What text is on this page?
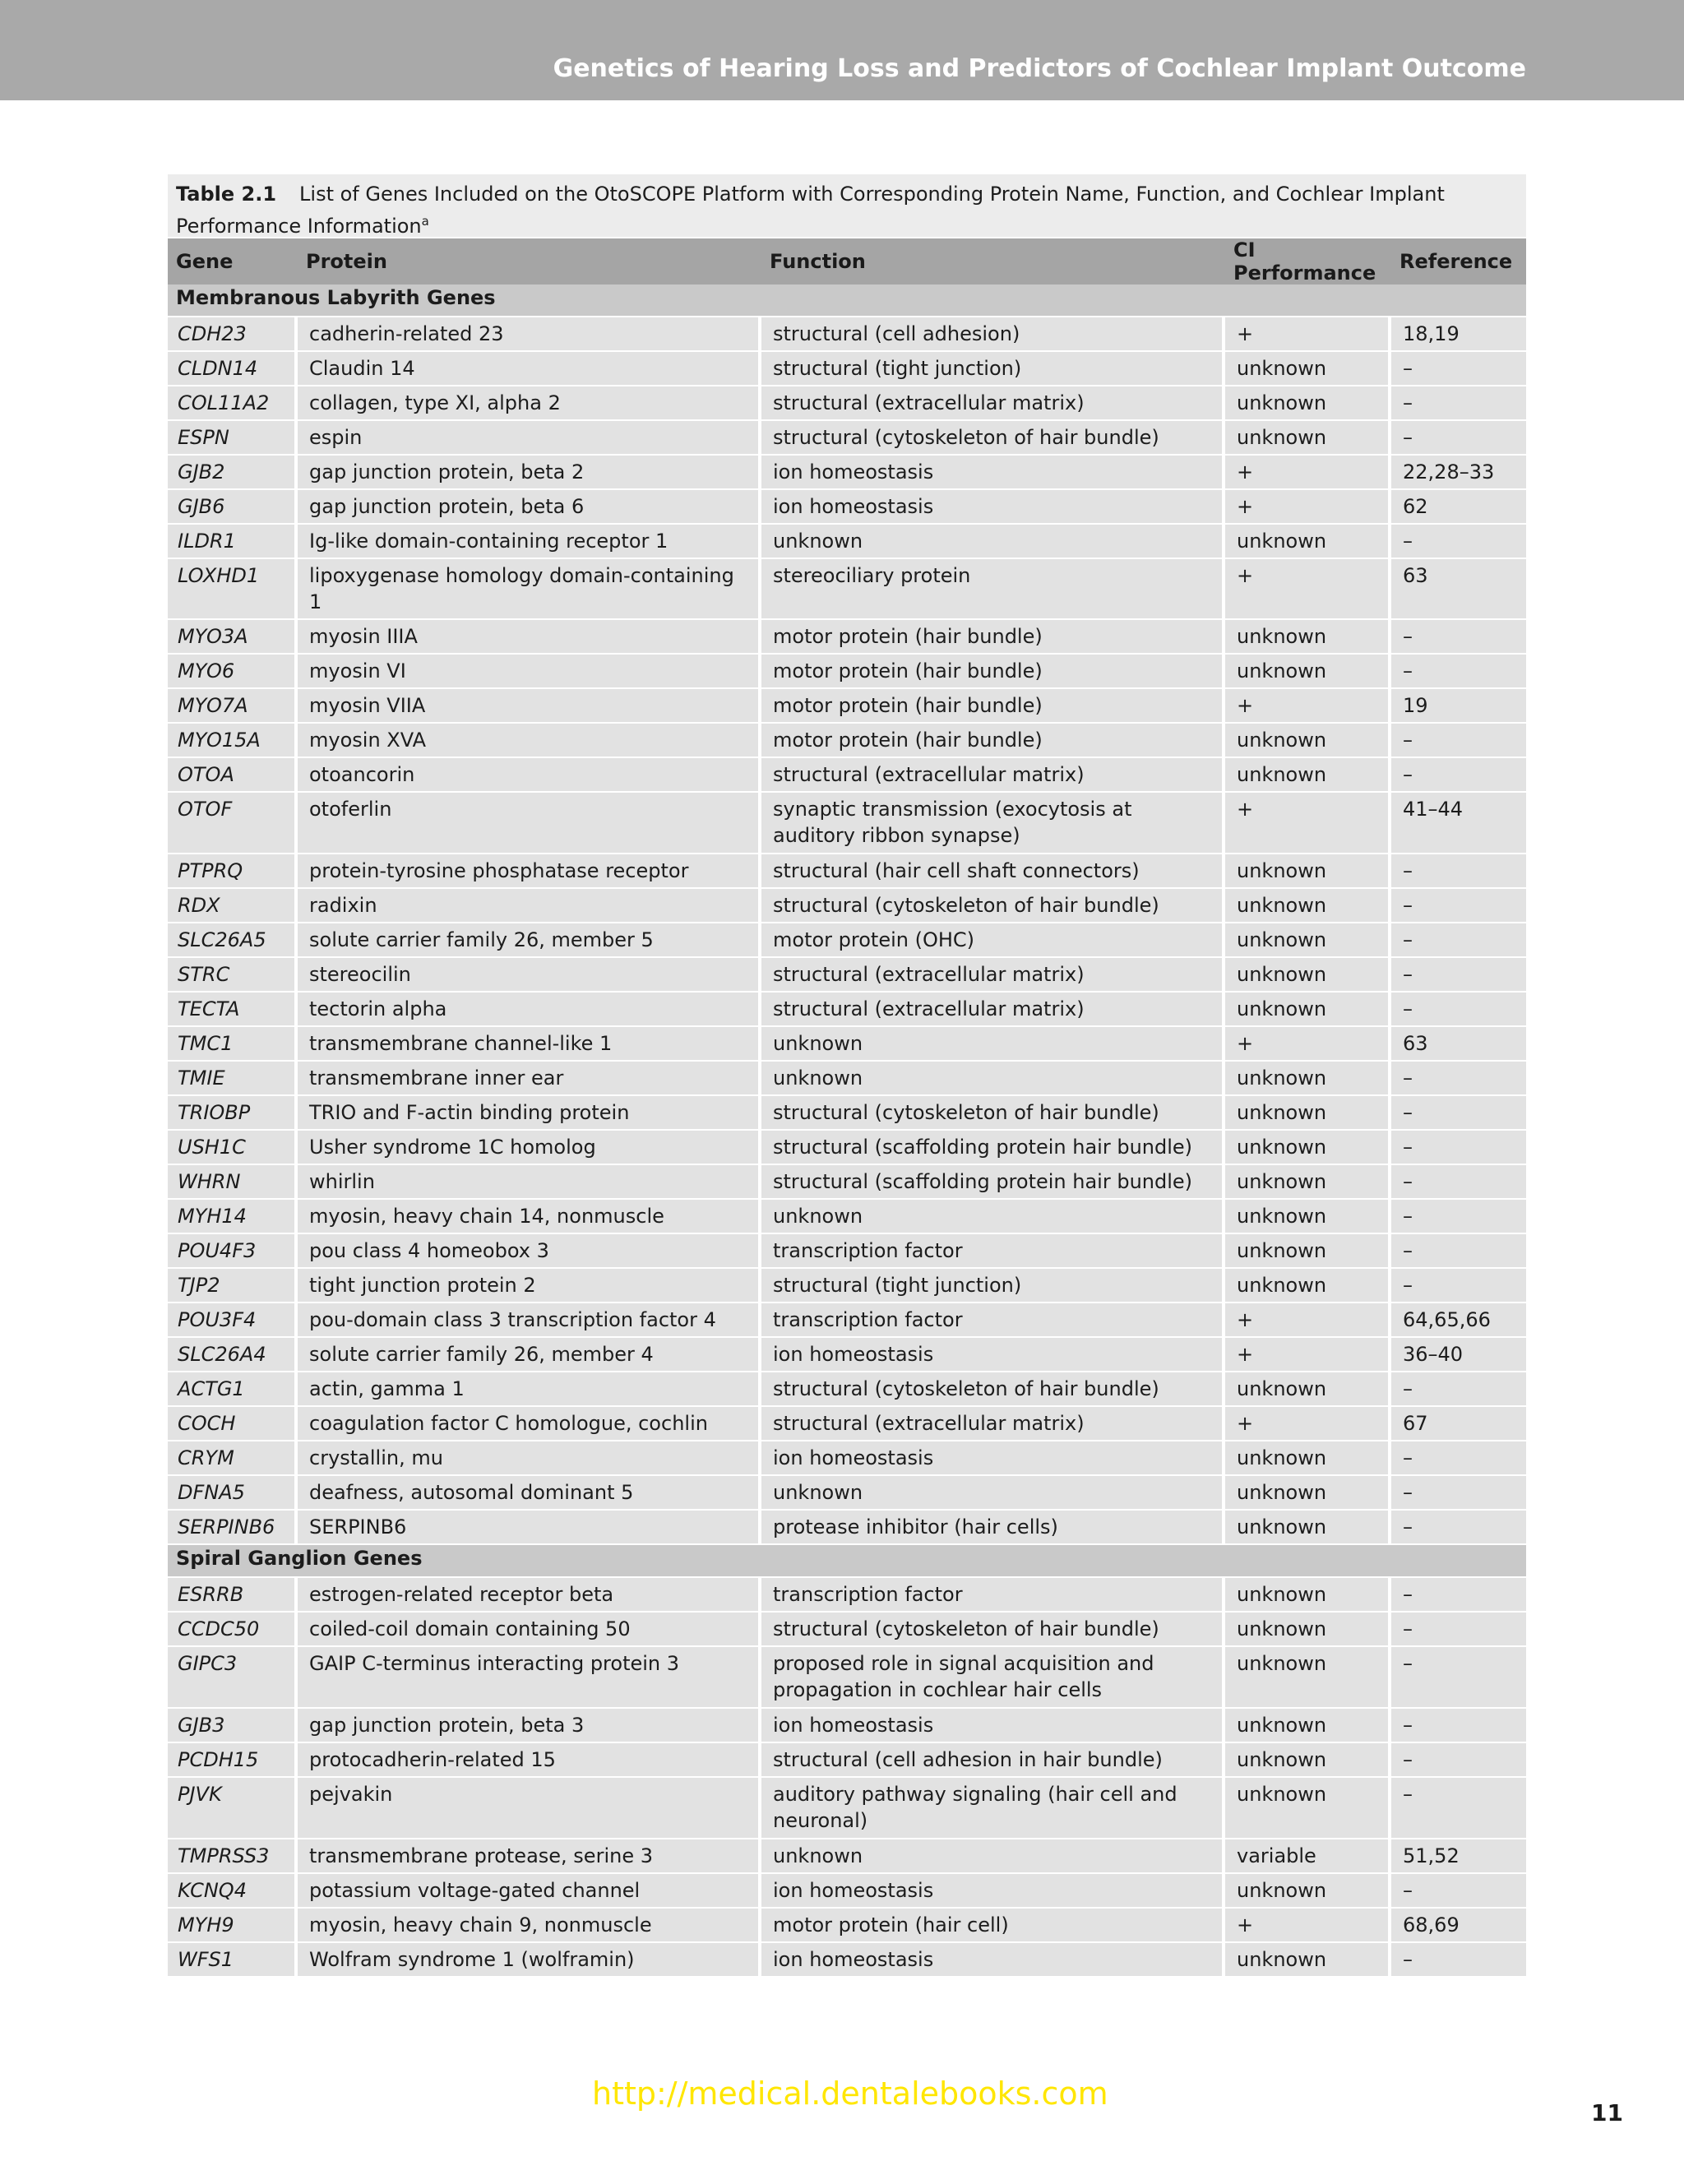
Genetics of Hearing Loss and Predictors of Cochlear Implant Outcome
Table 2.1 List of Genes Included on the OtoSCOPE Platform with Corresponding Protein Name, Function, and Cochlear Implant Performance Information$^a$
Gene	Protein	Function	CI Performance	Reference
Membranous Labyrith Genes				
CDH23	cadherin-related 23	structural (cell adhesion)	+	18,19
CLDN14	Claudin 14	structural (tight junction)	unknown	–
COL11A2	collagen, type XI, alpha 2	structural (extracellular matrix)	unknown	–
ESPN	espin	structural (cytoskeleton of hair bundle)	unknown	–
GJB2	gap junction protein, beta 2	ion homeostasis	+	22,28–33
GJB6	gap junction protein, beta 6	ion homeostasis	+	62
ILDR1	Ig-like domain-containing receptor 1	unknown	unknown	–
LOXHD1	lipoxygenase homology domain-containing 1	stereociliary protein	+	63
MYO3A	myosin IIIA	motor protein (hair bundle)	unknown	–
MYO6	myosin VI	motor protein (hair bundle)	unknown	–
MYO7A	myosin VIIA	motor protein (hair bundle)	+	19
MYO15A	myosin XVA	motor protein (hair bundle)	unknown	–
OTOA	otoancorin	structural (extracellular matrix)	unknown	–
OTOF	otoferlin	synaptic transmission (exocytosis at auditory ribbon synapse)	+	41–44
PTPRQ	protein-tyrosine phosphatase receptor	structural (hair cell shaft connectors)	unknown	–
RDX	radixin	structural (cytoskeleton of hair bundle)	unknown	–
SLC26A5	solute carrier family 26, member 5	motor protein (OHC)	unknown	–
STRC	stereocilin	structural (extracellular matrix)	unknown	–
TECTA	tectorin alpha	structural (extracellular matrix)	unknown	–
TMC1	transmembrane channel-like 1	unknown	+	63
TMIE	transmembrane inner ear	unknown	unknown	–
TRIOBP	TRIO and F-actin binding protein	structural (cytoskeleton of hair bundle)	unknown	–
USH1C	Usher syndrome 1C homolog	structural (scaffolding protein hair bundle)	unknown	–
WHRN	whirlin	structural (scaffolding protein hair bundle)	unknown	–
MYH14	myosin, heavy chain 14, nonmuscle	unknown	unknown	–
POU4F3	pou class 4 homeobox 3	transcription factor	unknown	–
TJP2	tight junction protein 2	structural (tight junction)	unknown	–
POU3F4	pou-domain class 3 transcription factor 4	transcription factor	+	64,65,66
SLC26A4	solute carrier family 26, member 4	ion homeostasis	+	36–40
ACTG1	actin, gamma 1	structural (cytoskeleton of hair bundle)	unknown	–
COCH	coagulation factor C homologue, cochlin	structural (extracellular matrix)	+	67
CRYM	crystallin, mu	ion homeostasis	unknown	–
DFNA5	deafness, autosomal dominant 5	unknown	unknown	–
SERPINB6	SERPINB6	protease inhibitor (hair cells)	unknown	–
Spiral Ganglion Genes				
ESRRB	estrogen-related receptor beta	transcription factor	unknown	–
CCDC50	coiled-coil domain containing 50	structural (cytoskeleton of hair bundle)	unknown	–
GIPC3	GAIP C-terminus interacting protein 3	proposed role in signal acquisition and propagation in cochlear hair cells	unknown	–
GJB3	gap junction protein, beta 3	ion homeostasis	unknown	–
PCDH15	protocadherin-related 15	structural (cell adhesion in hair bundle)	unknown	–
PJVK	pejvakin	auditory pathway signaling (hair cell and neuronal)	unknown	–
TMPRSS3	transmembrane protease, serine 3	unknown	variable	51,52
KCNQ4	potassium voltage-gated channel	ion homeostasis	unknown	–
MYH9	myosin, heavy chain 9, nonmuscle	motor protein (hair cell)	+	68,69
WFS1	Wolfram syndrome 1 (wolframin)	ion homeostasis	unknown	–
http://medical.dentalebooks.com
11
